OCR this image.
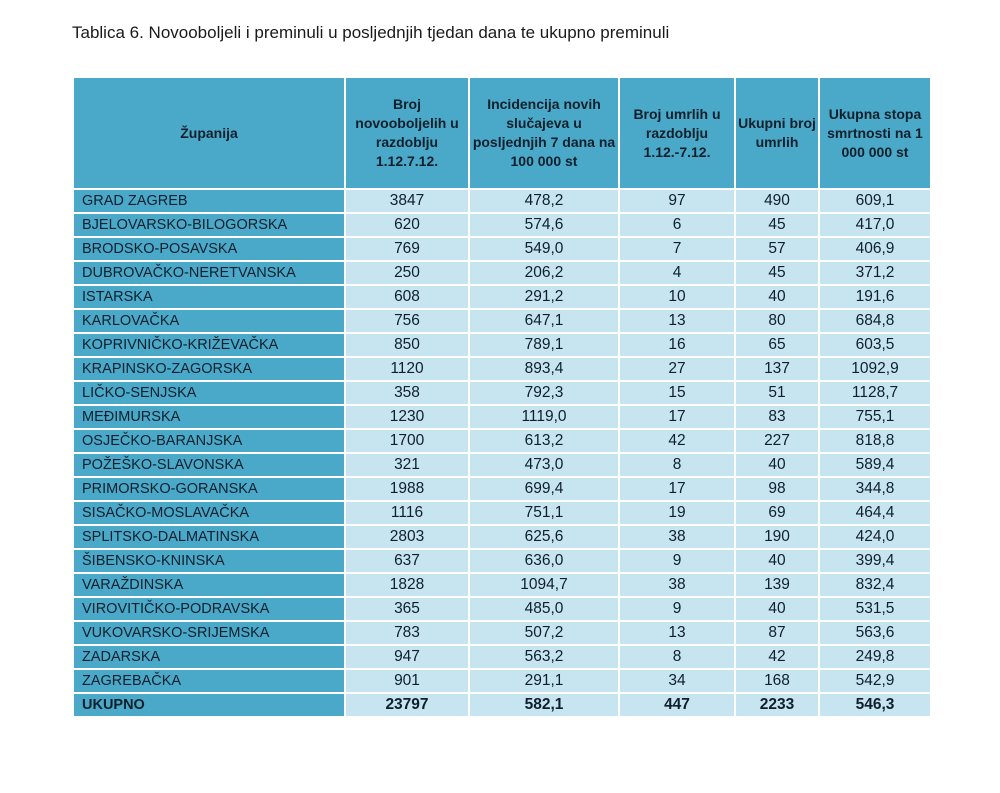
Tablica 6. Novooboljeli i preminuli u posljednjih tjedan dana te ukupno preminuli
Županija	Broj novooboljelih u razdoblju 1.12.7.12.	Incidencija novih slučajeva u posljednjih 7 dana na 100 000 st	Broj umrlih u razdoblju 1.12.-7.12.	Ukupni broj umrlih	Ukupna stopa smrtnosti na 1 000 000 st
GRAD ZAGREB	3847	478,2	97	490	609,1
BJELOVARSKO-BILOGORSKA	620	574,6	6	45	417,0
BRODSKO-POSAVSKA	769	549,0	7	57	406,9
DUBROVAČKO-NERETVANSKA	250	206,2	4	45	371,2
ISTARSKA	608	291,2	10	40	191,6
KARLOVAČKA	756	647,1	13	80	684,8
KOPRIVNIČKO-KRIŽEVAČKA	850	789,1	16	65	603,5
KRAPINSKO-ZAGORSKA	1120	893,4	27	137	1092,9
LIČKO-SENJSKA	358	792,3	15	51	1128,7
MEĐIMURSKA	1230	1119,0	17	83	755,1
OSJEČKO-BARANJSKA	1700	613,2	42	227	818,8
POŽEŠKO-SLAVONSKA	321	473,0	8	40	589,4
PRIMORSKO-GORANSKA	1988	699,4	17	98	344,8
SISAČKO-MOSLAVAČKA	1116	751,1	19	69	464,4
SPLITSKO-DALMATINSKA	2803	625,6	38	190	424,0
ŠIBENSKO-KNINSKA	637	636,0	9	40	399,4
VARAŽDINSKA	1828	1094,7	38	139	832,4
VIROVITIČKO-PODRAVSKA	365	485,0	9	40	531,5
VUKOVARSKO-SRIJEMSKA	783	507,2	13	87	563,6
ZADARSKA	947	563,2	8	42	249,8
ZAGREBAČKA	901	291,1	34	168	542,9
UKUPNO	23797	582,1	447	2233	546,3
